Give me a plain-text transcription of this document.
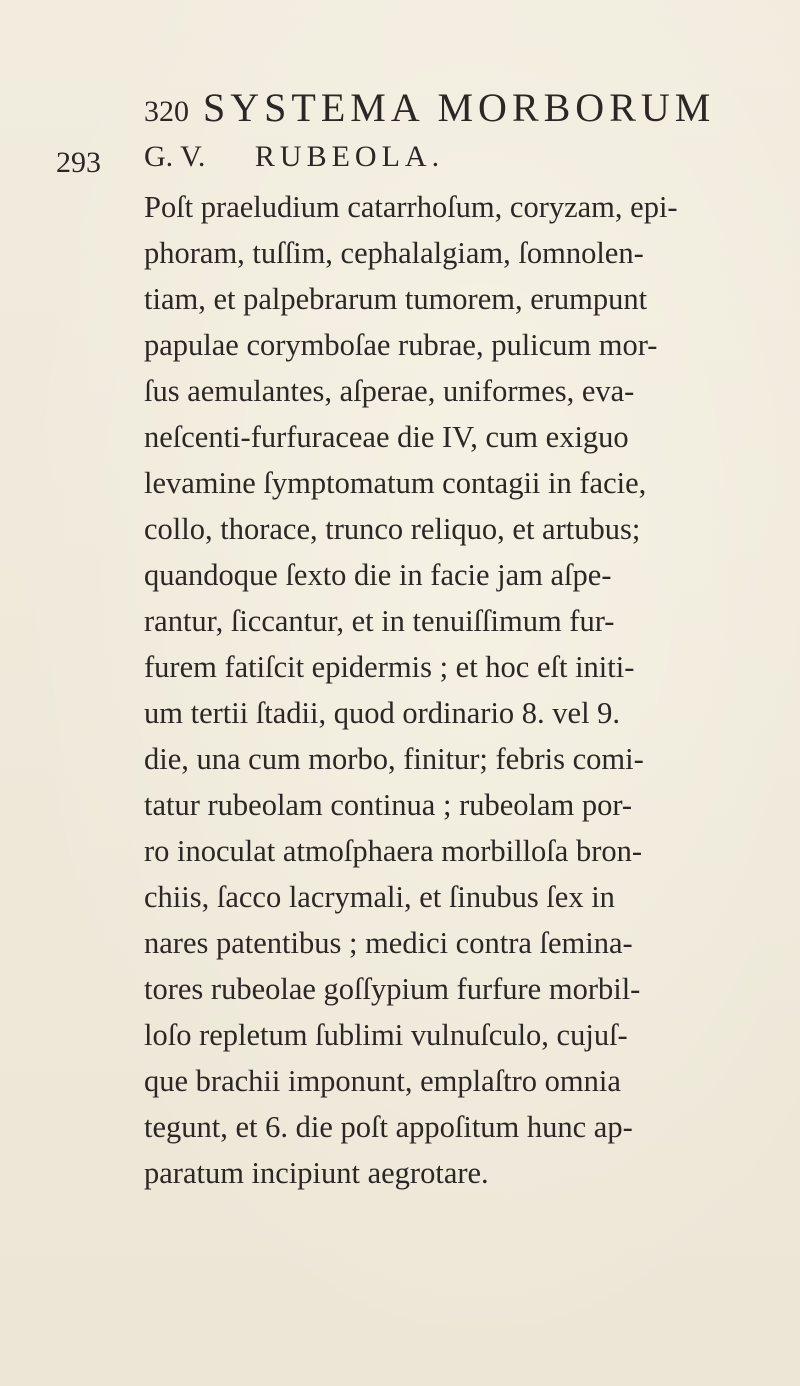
320 SYSTEMA MORBORUM
293 G. V. RUBEOLA.
Poſt praeludium catarrhoſum, coryzam, epi-
phoram, tuſſim, cephalalgiam, ſomnolen-
tiam, et palpebrarum tumorem, erumpunt
papulae corymboſae rubrae, pulicum mor-
ſus aemulantes, aſperae, uniformes, eva-
neſcenti-furfuraceae die IV, cum exiguo
levamine ſymptomatum contagii in facie,
collo, thorace, trunco reliquo, et artubus;
quandoque ſexto die in facie jam aſpe-
rantur, ſiccantur, et in tenuiſſimum fur-
furem fatiſcit epidermis ; et hoc eſt initi-
um tertii ſtadii, quod ordinario 8. vel 9.
die, una cum morbo, finitur; febris comi-
tatur rubeolam continua ; rubeolam por-
ro inoculat atmoſphaera morbilloſa bron-
chiis, ſacco lacrymali, et ſinubus ſex in
nares patentibus ; medici contra ſemina-
tores rubeolae goſſypium furfure morbil-
loſo repletum ſublimi vulnuſculo, cujuſ-
que brachii imponunt, emplaſtro omnia
tegunt, et 6. die poſt appoſitum hunc ap-
paratum incipiunt aegrotare.
